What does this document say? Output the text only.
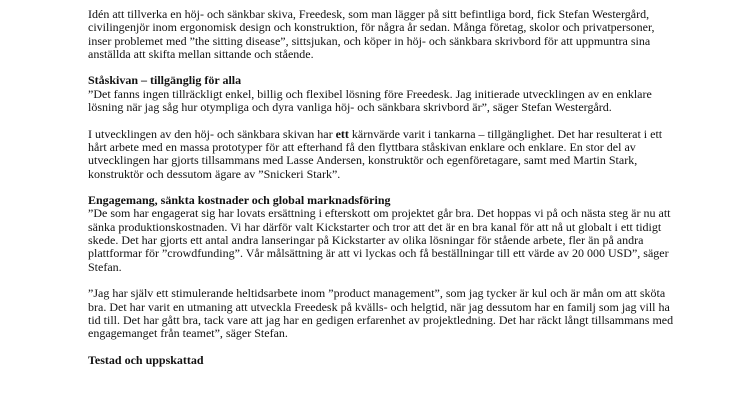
Idén att tillverka en höj- och sänkbar skiva, Freedesk, som man lägger på sitt befintliga bord, fick Stefan Westergård, civilingenjör inom ergonomisk design och konstruktion, för några år sedan. Många företag, skolor och privatpersoner, inser problemet med ”the sitting disease”, sittsjukan, och köper in höj- och sänkbara skrivbord för att uppmuntra sina anställda att skifta mellan sittande och stående.

Ståskivan – tillgänglig för alla

”Det fanns ingen tillräckligt enkel, billig och flexibel lösning före Freedesk. Jag initierade utvecklingen av en enklare lösning när jag såg hur otympliga och dyra vanliga höj- och sänkbara skrivbord är”, säger Stefan Westergård.

I utvecklingen av den höj- och sänkbara skivan har ett kärnvärde varit i tankarna – tillgänglighet. Det har resulterat i ett hårt arbete med en massa prototyper för att efterhand få den flyttbara ståskivan enklare och enklare. En stor del av utvecklingen har gjorts tillsammans med Lasse Andersen, konstruktör och egenföretagare, samt med Martin Stark, konstruktör och dessutom ägare av ”Snickeri Stark”.

Engagemang, sänkta kostnader och global marknadsföring

”De som har engagerat sig har lovats ersättning i efterskott om projektet går bra. Det hoppas vi på och nästa steg är nu att sänka produktionskostnaden. Vi har därför valt Kickstarter och tror att det är en bra kanal för att nå ut globalt i ett tidigt skede. Det har gjorts ett antal andra lanseringar på Kickstarter av olika lösningar för stående arbete, fler än på andra plattformar för ”crowdfunding”. Vår målsättning är att vi lyckas och få beställningar till ett värde av 20 000 USD”, säger Stefan.

”Jag har själv ett stimulerande heltidsarbete inom ”product management”, som jag tycker är kul och är mån om att sköta bra. Det har varit en utmaning att utveckla Freedesk på kvälls- och helgtid, när jag dessutom har en familj som jag vill ha tid till. Det har gått bra, tack vare att jag har en gedigen erfarenhet av projektledning. Det har räckt långt tillsammans med engagemanget från teamet”, säger Stefan.

Testad och uppskattad
